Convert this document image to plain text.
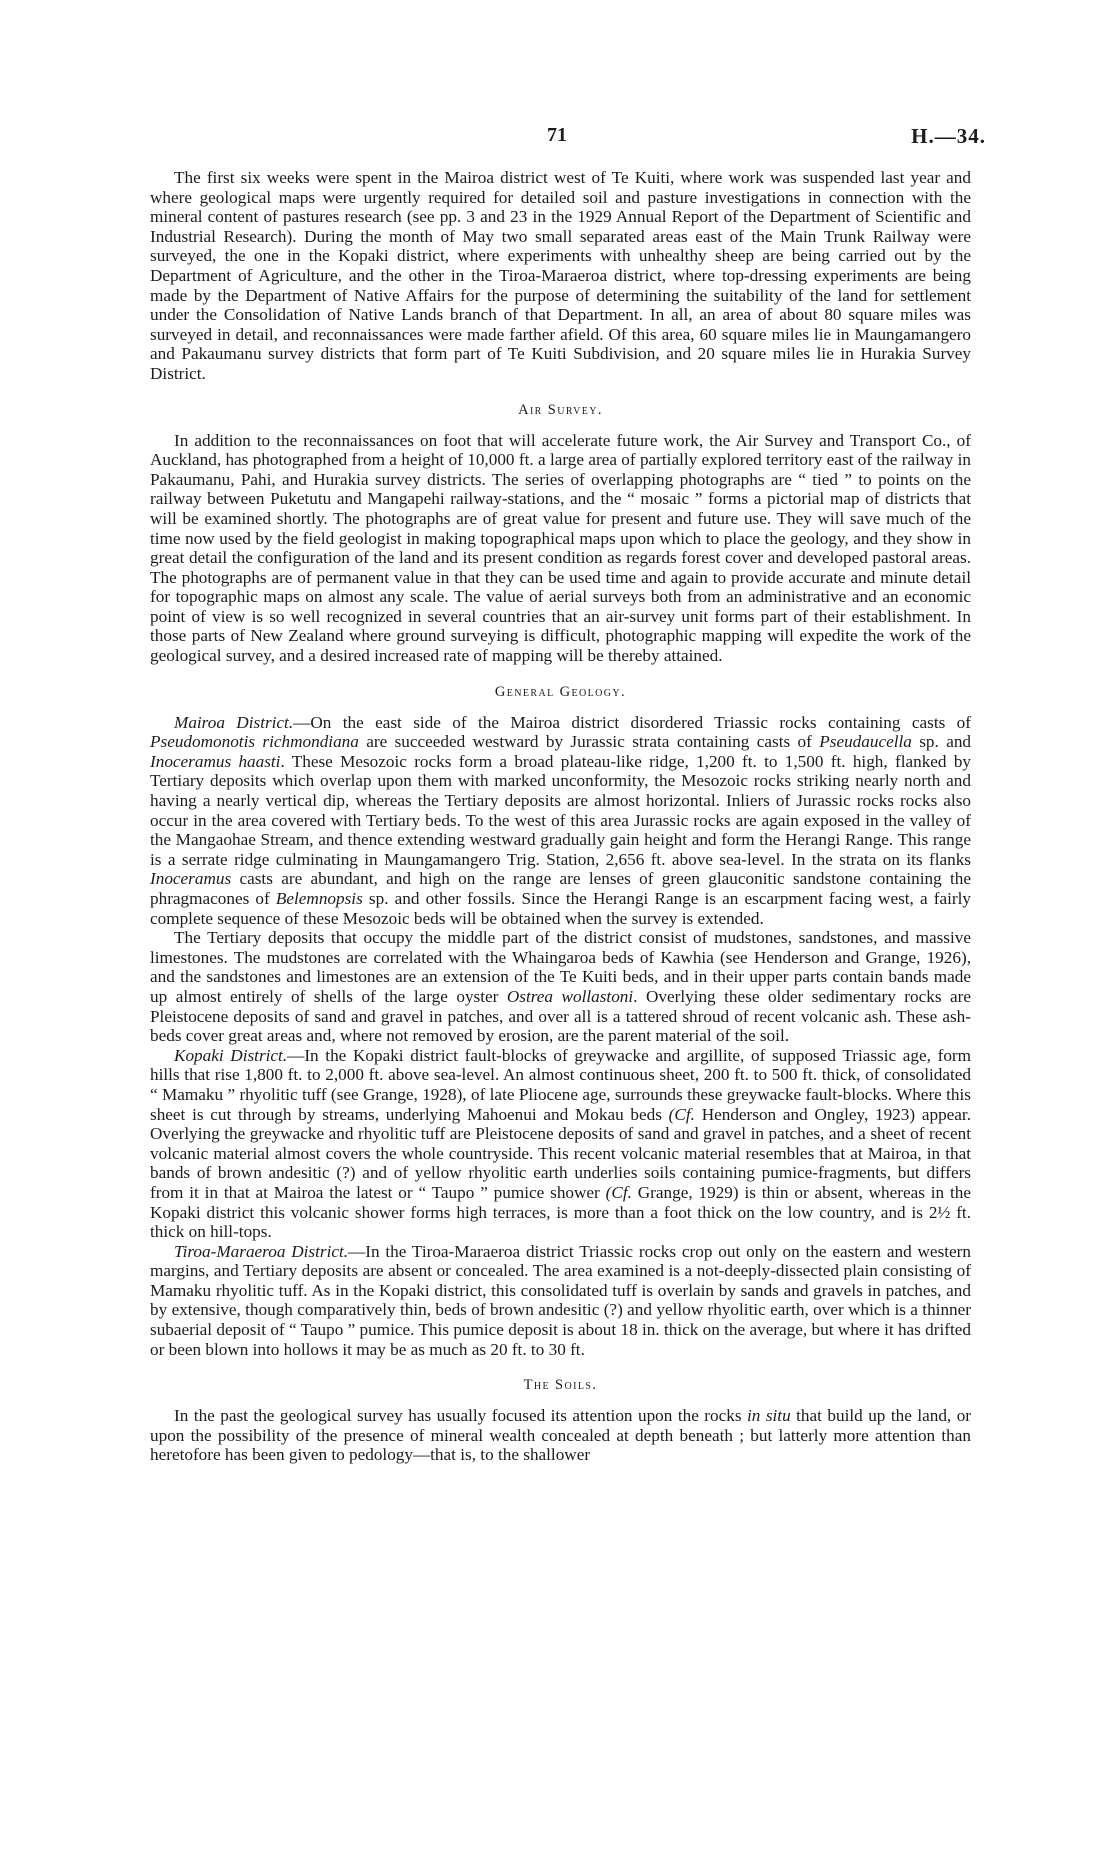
71	H.—34.

The first six weeks were spent in the Mairoa district west of Te Kuiti, where work was suspended last year and where geological maps were urgently required for detailed soil and pasture investigations in connection with the mineral content of pastures research (see pp. 3 and 23 in the 1929 Annual Report of the Department of Scientific and Industrial Research). During the month of May two small separated areas east of the Main Trunk Railway were surveyed, the one in the Kopaki district, where experiments with unhealthy sheep are being carried out by the Department of Agriculture, and the other in the Tiroa-Maraeroa district, where top-dressing experiments are being made by the Department of Native Affairs for the purpose of determining the suitability of the land for settlement under the Consolidation of Native Lands branch of that Department. In all, an area of about 80 square miles was surveyed in detail, and reconnaissances were made farther afield. Of this area, 60 square miles lie in Maungamangero and Pakaumanu survey districts that form part of Te Kuiti Subdivision, and 20 square miles lie in Hurakia Survey District.

Air Survey.

In addition to the reconnaissances on foot that will accelerate future work, the Air Survey and Transport Co., of Auckland, has photographed from a height of 10,000 ft. a large area of partially explored territory east of the railway in Pakaumanu, Pahi, and Hurakia survey districts. The series of overlapping photographs are “ tied ” to points on the railway between Puketutu and Mangapehi railway-stations, and the “ mosaic ” forms a pictorial map of districts that will be examined shortly. The photographs are of great value for present and future use. They will save much of the time now used by the field geologist in making topographical maps upon which to place the geology, and they show in great detail the configuration of the land and its present condition as regards forest cover and developed pastoral areas. The photographs are of permanent value in that they can be used time and again to provide accurate and minute detail for topographic maps on almost any scale. The value of aerial surveys both from an administrative and an economic point of view is so well recognized in several countries that an air-survey unit forms part of their establishment. In those parts of New Zealand where ground surveying is difficult, photographic mapping will expedite the work of the geological survey, and a desired increased rate of mapping will be thereby attained.

General Geology.

Mairoa District.—On the east side of the Mairoa district disordered Triassic rocks containing casts of Pseudomonotis richmondiana are succeeded westward by Jurassic strata containing casts of Pseudaucella sp. and Inoceramus haasti. These Mesozoic rocks form a broad plateau-like ridge, 1,200 ft. to 1,500 ft. high, flanked by Tertiary deposits which overlap upon them with marked unconformity, the Mesozoic rocks striking nearly north and having a nearly vertical dip, whereas the Tertiary deposits are almost horizontal. Inliers of Jurassic rocks rocks also occur in the area covered with Tertiary beds. To the west of this area Jurassic rocks are again exposed in the valley of the Mangaohae Stream, and thence extending westward gradually gain height and form the Herangi Range. This range is a serrate ridge culminating in Maungamangero Trig. Station, 2,656 ft. above sea-level. In the strata on its flanks Inoceramus casts are abundant, and high on the range are lenses of green glauconitic sandstone containing the phragmacones of Belemnopsis sp. and other fossils. Since the Herangi Range is an escarpment facing west, a fairly complete sequence of these Mesozoic beds will be obtained when the survey is extended.

The Tertiary deposits that occupy the middle part of the district consist of mudstones, sandstones, and massive limestones. The mudstones are correlated with the Whaingaroa beds of Kawhia (see Henderson and Grange, 1926), and the sandstones and limestones are an extension of the Te Kuiti beds, and in their upper parts contain bands made up almost entirely of shells of the large oyster Ostrea wollastoni. Overlying these older sedimentary rocks are Pleistocene deposits of sand and gravel in patches, and over all is a tattered shroud of recent volcanic ash. These ash-beds cover great areas and, where not removed by erosion, are the parent material of the soil.

Kopaki District.—In the Kopaki district fault-blocks of greywacke and argillite, of supposed Triassic age, form hills that rise 1,800 ft. to 2,000 ft. above sea-level. An almost continuous sheet, 200 ft. to 500 ft. thick, of consolidated “ Mamaku ” rhyolitic tuff (see Grange, 1928), of late Pliocene age, surrounds these greywacke fault-blocks. Where this sheet is cut through by streams, underlying Mahoenui and Mokau beds (Cf. Henderson and Ongley, 1923) appear. Overlying the greywacke and rhyolitic tuff are Pleistocene deposits of sand and gravel in patches, and a sheet of recent volcanic material almost covers the whole countryside. This recent volcanic material resembles that at Mairoa, in that bands of brown andesitic (?) and of yellow rhyolitic earth underlies soils containing pumice-fragments, but differs from it in that at Mairoa the latest or “ Taupo ” pumice shower (Cf. Grange, 1929) is thin or absent, whereas in the Kopaki district this volcanic shower forms high terraces, is more than a foot thick on the low country, and is 2½ ft. thick on hill-tops.

Tiroa-Maraeroa District.—In the Tiroa-Maraeroa district Triassic rocks crop out only on the eastern and western margins, and Tertiary deposits are absent or concealed. The area examined is a not-deeply-dissected plain consisting of Mamaku rhyolitic tuff. As in the Kopaki district, this consolidated tuff is overlain by sands and gravels in patches, and by extensive, though comparatively thin, beds of brown andesitic (?) and yellow rhyolitic earth, over which is a thinner subaerial deposit of “ Taupo ” pumice. This pumice deposit is about 18 in. thick on the average, but where it has drifted or been blown into hollows it may be as much as 20 ft. to 30 ft.

The Soils.

In the past the geological survey has usually focused its attention upon the rocks in situ that build up the land, or upon the possibility of the presence of mineral wealth concealed at depth beneath ; but latterly more attention than heretofore has been given to pedology—that is, to the shallower
